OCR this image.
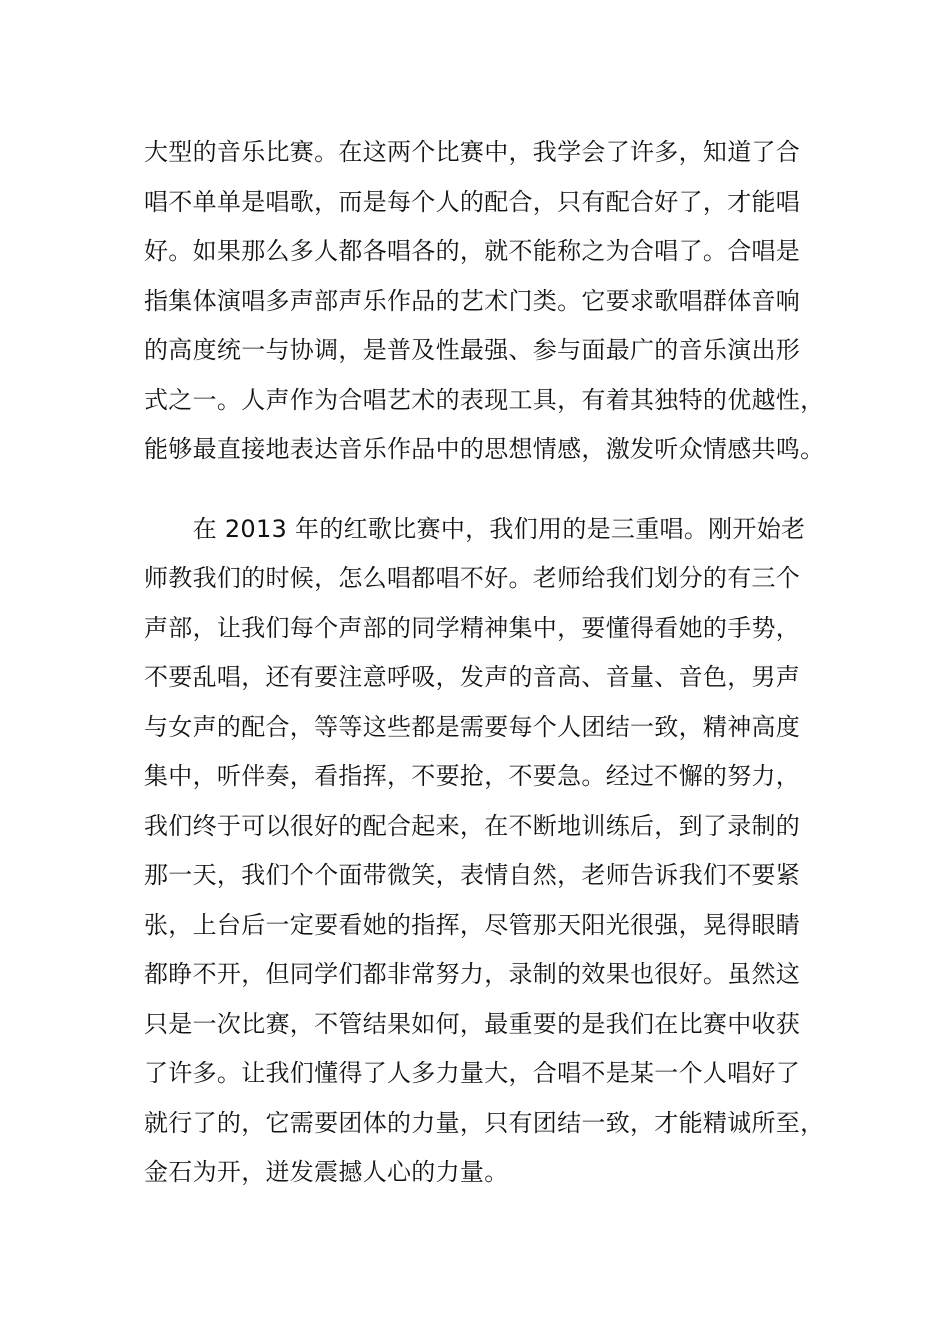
大型的音乐比赛。在这两个比赛中，我学会了许多，知道了合
唱不单单是唱歌，而是每个人的配合，只有配合好了，才能唱
好。如果那么多人都各唱各的，就不能称之为合唱了。合唱是
指集体演唱多声部声乐作品的艺术门类。它要求歌唱群体音响
的高度统一与协调，是普及性最强、参与面最广的音乐演出形
式之一。人声作为合唱艺术的表现工具，有着其独特的优越性，
能够最直接地表达音乐作品中的思想情感，激发听众情感共鸣。
　　在 2013 年的红歌比赛中，我们用的是三重唱。刚开始老
师教我们的时候，怎么唱都唱不好。老师给我们划分的有三个
声部，让我们每个声部的同学精神集中，要懂得看她的手势，
不要乱唱，还有要注意呼吸，发声的音高、音量、音色，男声
与女声的配合，等等这些都是需要每个人团结一致，精神高度
集中，听伴奏，看指挥，不要抢，不要急。经过不懈的努力，
我们终于可以很好的配合起来，在不断地训练后，到了录制的
那一天，我们个个面带微笑，表情自然，老师告诉我们不要紧
张，上台后一定要看她的指挥，尽管那天阳光很强，晃得眼睛
都睁不开，但同学们都非常努力，录制的效果也很好。虽然这
只是一次比赛，不管结果如何，最重要的是我们在比赛中收获
了许多。让我们懂得了人多力量大，合唱不是某一个人唱好了
就行了的，它需要团体的力量，只有团结一致，才能精诚所至，
金石为开，迸发震撼人心的力量。
